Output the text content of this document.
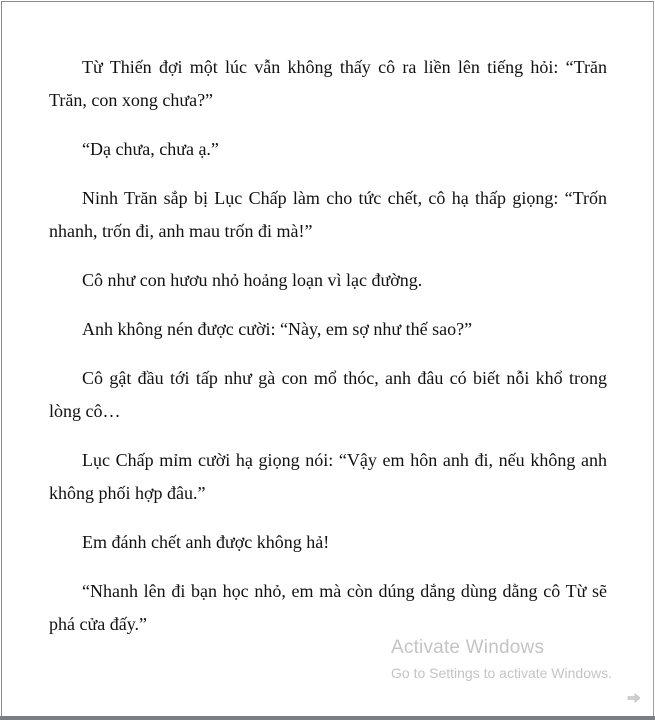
Từ Thiến đợi một lúc vẫn không thấy cô ra liền lên tiếng hỏi: “Trăn Trăn, con xong chưa?”

“Dạ chưa, chưa ạ.”

Ninh Trăn sắp bị Lục Chấp làm cho tức chết, cô hạ thấp giọng: “Trốn nhanh, trốn đi, anh mau trốn đi mà!”

Cô như con hươu nhỏ hoảng loạn vì lạc đường.

Anh không nén được cười: “Này, em sợ như thế sao?”

Cô gật đầu tới tấp như gà con mổ thóc, anh đâu có biết nỗi khổ trong lòng cô…

Lục Chấp mỉm cười hạ giọng nói: “Vậy em hôn anh đi, nếu không anh không phối hợp đâu.”

Em đánh chết anh được không hả!

“Nhanh lên đi bạn học nhỏ, em mà còn dúng dắng dùng dằng cô Từ sẽ phá cửa đấy.”

Activate Windows
Go to Settings to activate Windows.
